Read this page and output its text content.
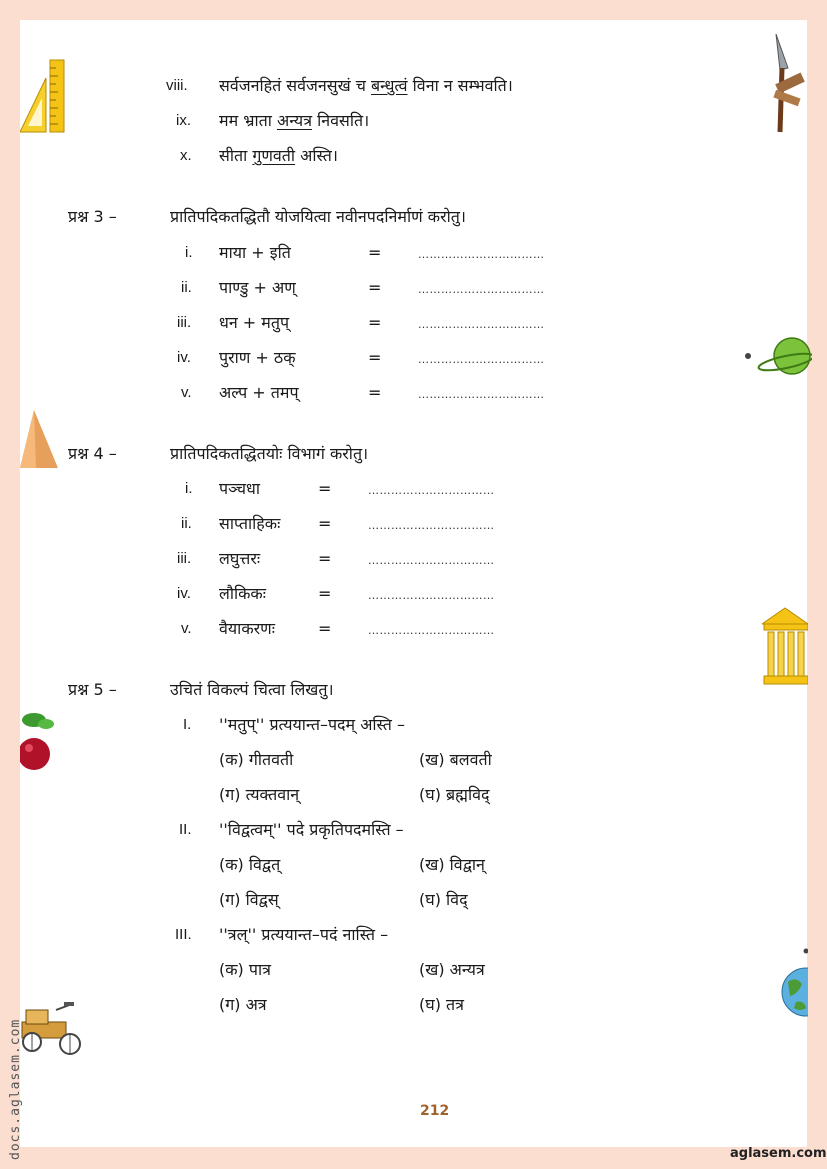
viii. सर्वजनहितं सर्वजनसुखं च बन्धुत्वं विना न सम्भवति।
ix. मम भ्राता अन्यत्र निवसति।
x. सीता गुणवती अस्ति।
प्रश्न 3 –	प्रातिपदिकतद्धितौ योजयित्वा नवीनपदनिर्माणं करोतु।
i. माया + इति	=	……………………………
ii. पाण्डु + अण्	=	……………………………
iii. धन + मतुप्	=	……………………………
iv. पुराण + ठक्	=	……………………………
v. अल्प + तमप्	=	……………………………
प्रश्न 4 –	प्रातिपदिकतद्धितयोः विभागं करोतु।
i. पञ्चधा	=	……………………………
ii. साप्ताहिकः =	……………………………
iii. लघुत्तरः	=	……………………………
iv. लौकिकः	=	……………………………
v. वैयाकरणः	=	……………………………
प्रश्न 5 –	उचितं विकल्पं चित्वा लिखतु।
I. ''मतुप्'' प्रत्ययान्त–पदम् अस्ति –
(क) गीतवती	(ख) बलवती
(ग) त्यक्तवान्	(घ) ब्रह्मविद्
II. ''विद्वत्वम्'' पदे प्रकृतिपदमस्ति –
(क) विद्वत्	(ख) विद्वान्
(ग) विद्वस्	(घ) विद्
III. ''त्रल्'' प्रत्ययान्त–पदं नास्ति –
(क) पात्र	(ख) अन्यत्र
(ग) अत्र	(घ) तत्र
212
aglasem.com
docs.aglasem.com
